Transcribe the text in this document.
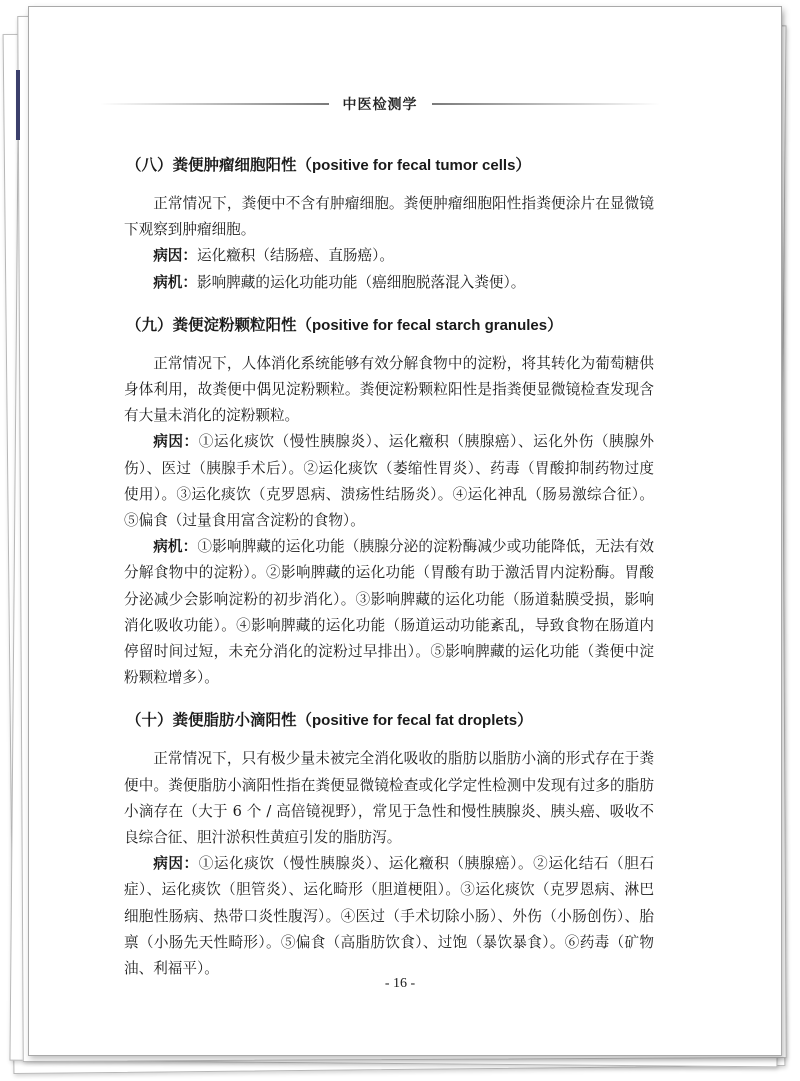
中医检测学
（八）粪便肿瘤细胞阳性（positive for fecal tumor cells）

正常情况下，粪便中不含有肿瘤细胞。粪便肿瘤细胞阳性指粪便涂片在显微镜下观察到肿瘤细胞。

病因：运化癥积（结肠癌、直肠癌）。

病机：影响脾藏的运化功能功能（癌细胞脱落混入粪便）。

（九）粪便淀粉颗粒阳性（positive for fecal starch granules）

正常情况下，人体消化系统能够有效分解食物中的淀粉，将其转化为葡萄糖供身体利用，故粪便中偶见淀粉颗粒。粪便淀粉颗粒阳性是指粪便显微镜检查发现含有大量未消化的淀粉颗粒。

病因：①运化痰饮（慢性胰腺炎）、运化癥积（胰腺癌）、运化外伤（胰腺外伤）、医过（胰腺手术后）。②运化痰饮（萎缩性胃炎）、药毒（胃酸抑制药物过度使用）。③运化痰饮（克罗恩病、溃疡性结肠炎）。④运化神乱（肠易激综合征）。⑤偏食（过量食用富含淀粉的食物）。

病机：①影响脾藏的运化功能（胰腺分泌的淀粉酶减少或功能降低，无法有效分解食物中的淀粉）。②影响脾藏的运化功能（胃酸有助于激活胃内淀粉酶。胃酸分泌减少会影响淀粉的初步消化）。③影响脾藏的运化功能（肠道黏膜受损，影响消化吸收功能）。④影响脾藏的运化功能（肠道运动功能紊乱，导致食物在肠道内停留时间过短，未充分消化的淀粉过早排出）。⑤影响脾藏的运化功能（粪便中淀粉颗粒增多）。

（十）粪便脂肪小滴阳性（positive for fecal fat droplets）

正常情况下，只有极少量未被完全消化吸收的脂肪以脂肪小滴的形式存在于粪便中。粪便脂肪小滴阳性指在粪便显微镜检查或化学定性检测中发现有过多的脂肪小滴存在（大于 6 个 / 高倍镜视野），常见于急性和慢性胰腺炎、胰头癌、吸收不良综合征、胆汁淤积性黄疸引发的脂肪泻。

病因：①运化痰饮（慢性胰腺炎）、运化癥积（胰腺癌）。②运化结石（胆石症）、运化痰饮（胆管炎）、运化畸形（胆道梗阻）。③运化痰饮（克罗恩病、淋巴细胞性肠病、热带口炎性腹泻）。④医过（手术切除小肠）、外伤（小肠创伤）、胎禀（小肠先天性畸形）。⑤偏食（高脂肪饮食）、过饱（暴饮暴食）。⑥药毒（矿物油、利福平）。

- 16 -
